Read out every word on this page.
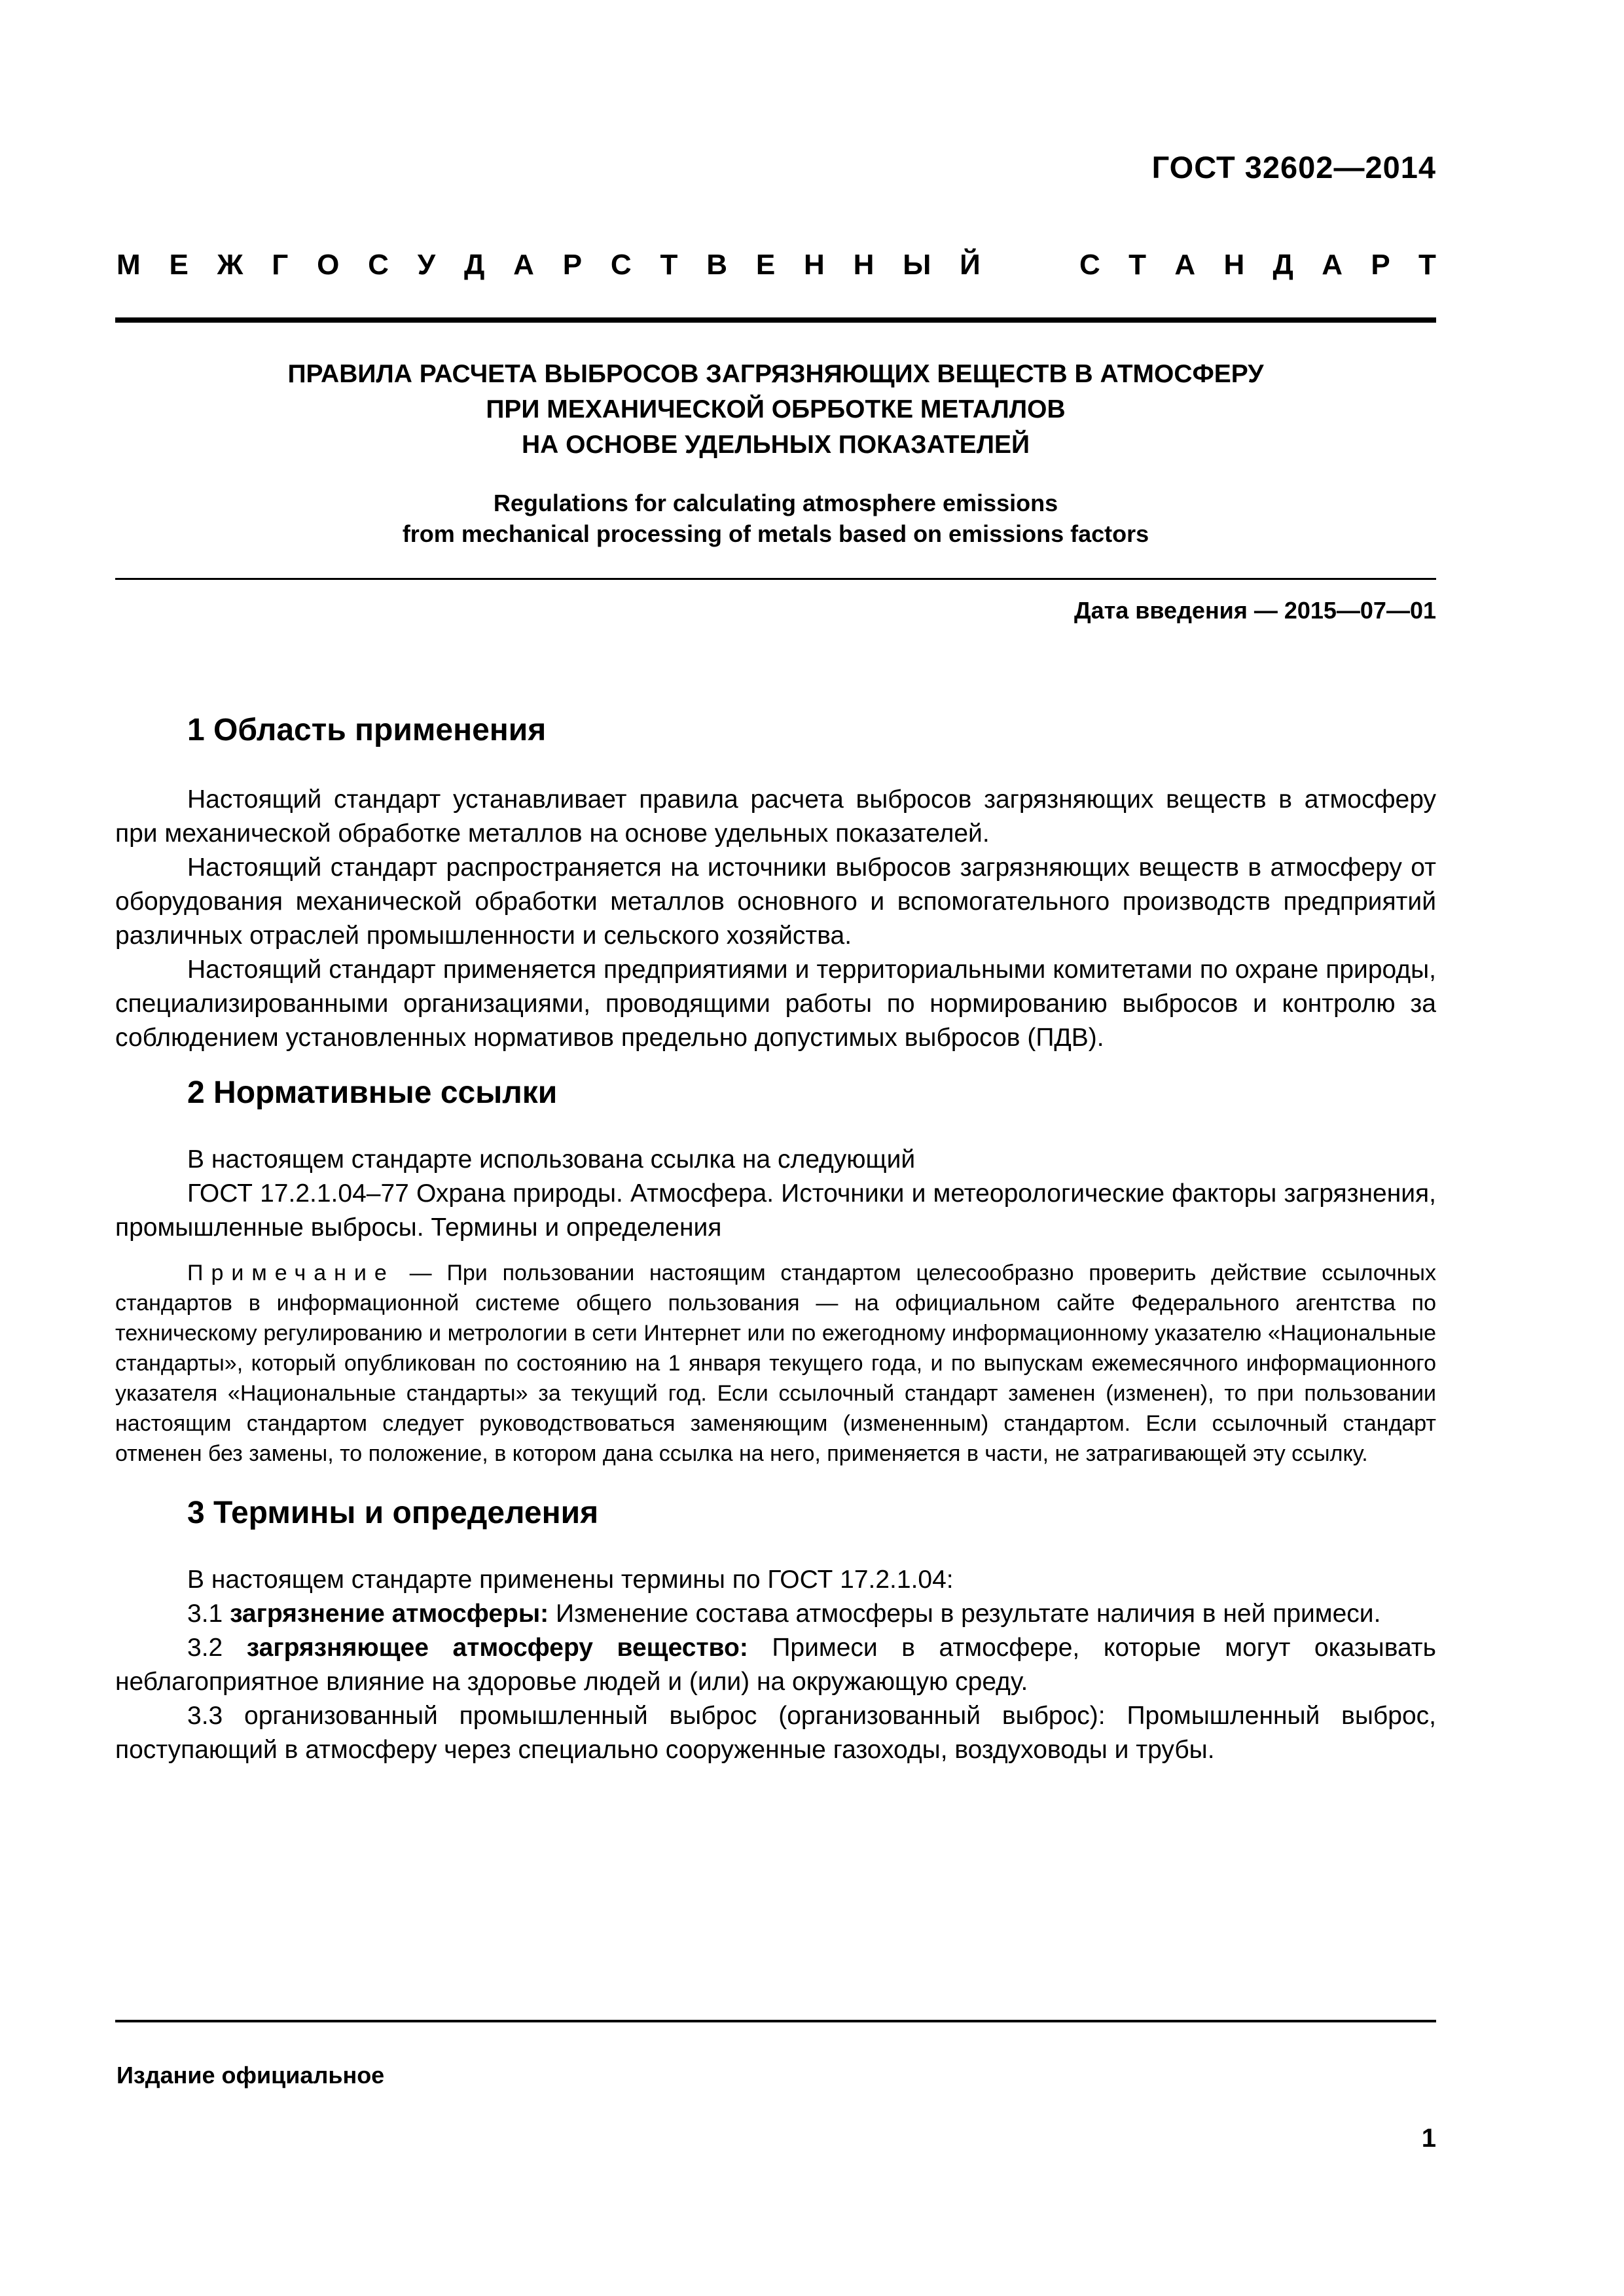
ГОСТ 32602—2014
М Е Ж Г О С У Д А Р С Т В Е Н Н Ы Й	С Т А Н Д А Р Т
ПРАВИЛА РАСЧЕТА ВЫБРОСОВ ЗАГРЯЗНЯЮЩИХ ВЕЩЕСТВ В АТМОСФЕРУ
ПРИ МЕХАНИЧЕСКОЙ ОБРБОТКЕ МЕТАЛЛОВ
НА ОСНОВЕ УДЕЛЬНЫХ ПОКАЗАТЕЛЕЙ
Regulations for calculating atmosphere emissions
from mechanical processing of metals based on emissions factors
Дата введения — 2015—07—01
1 Область применения

Настоящий стандарт устанавливает правила расчета выбросов загрязняющих веществ в атмосферу при механической обработке металлов на основе удельных показателей.

Настоящий стандарт распространяется на источники выбросов загрязняющих веществ в атмосферу от оборудования механической обработки металлов основного и вспомогательного производств предприятий различных отраслей промышленности и сельского хозяйства.

Настоящий стандарт применяется предприятиями и территориальными комитетами по охране природы, специализированными организациями, проводящими работы по нормированию выбросов и контролю за соблюдением установленных нормативов предельно допустимых выбросов (ПДВ).

2 Нормативные ссылки

В настоящем стандарте использована ссылка на следующий

ГОСТ 17.2.1.04–77 Охрана природы. Атмосфера. Источники и метеорологические факторы загрязнения, промышленные выбросы. Термины и определения

Примечание — При пользовании настоящим стандартом целесообразно проверить действие ссылочных стандартов в информационной системе общего пользования — на официальном сайте Федерального агентства по техническому регулированию и метрологии в сети Интернет или по ежегодному информационному указателю «Национальные стандарты», который опубликован по состоянию на 1 января текущего года, и по выпускам ежемесячного информационного указателя «Национальные стандарты» за текущий год. Если ссылочный стандарт заменен (изменен), то при пользовании настоящим стандартом следует руководствоваться заменяющим (измененным) стандартом. Если ссылочный стандарт отменен без замены, то положение, в котором дана ссылка на него, применяется в части, не затрагивающей эту ссылку.

3 Термины и определения

В настоящем стандарте применены термины по ГОСТ 17.2.1.04:

3.1 загрязнение атмосферы: Изменение состава атмосферы в результате наличия в ней примеси.

3.2 загрязняющее атмосферу вещество: Примеси в атмосфере, которые могут оказывать неблагоприятное влияние на здоровье людей и (или) на окружающую среду.

3.3 организованный промышленный выброс (организованный выброс): Промышленный выброс, поступающий в атмосферу через специально сооруженные газоходы, воздуховоды и трубы.

Издание официальное
1
